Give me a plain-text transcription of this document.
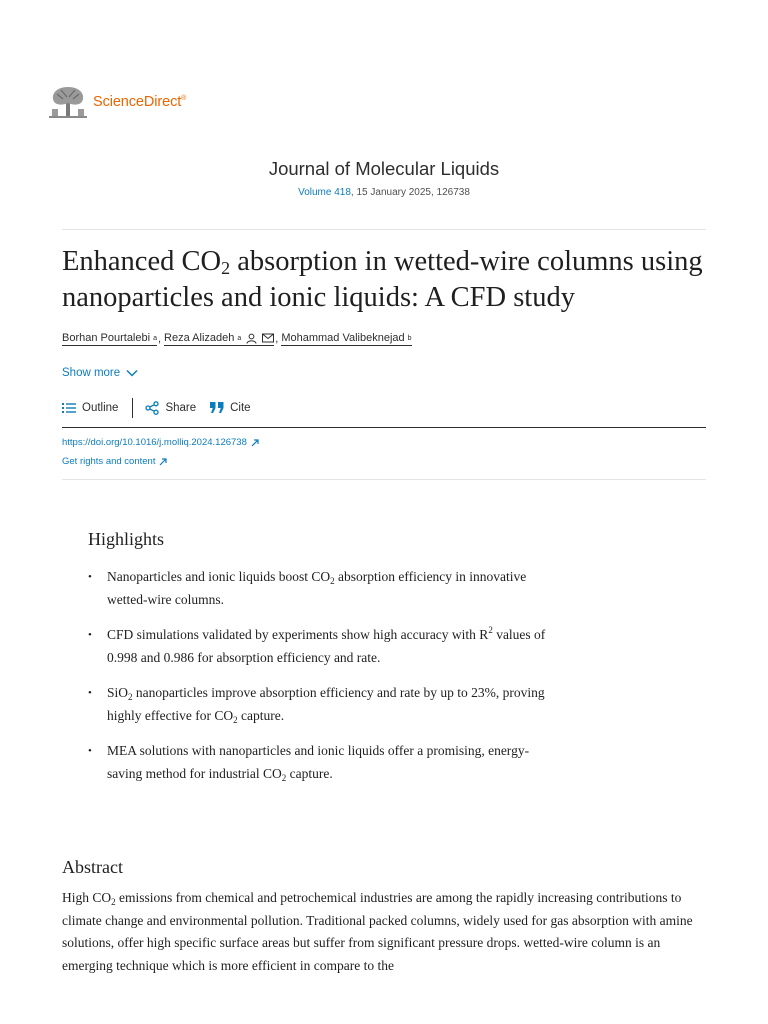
ScienceDirect®
Journal of Molecular Liquids
Volume 418, 15 January 2025, 126738
Enhanced $CO_2$ absorption in wetted-wire columns using nanoparticles and ionic liquids: A CFD study
Borhan Pourtalebi a , Reza Alizadeh a	, Mohammad Valibeknejad b
Show more
Outline	Share	Cite
https://doi.org/10.1016/j.molliq.2024.126738
Get rights and content
Highlights
• Nanoparticles and ionic liquids boost $CO_2$ absorption efficiency in innovative wetted-wire columns.
• CFD simulations validated by experiments show high accuracy with $R^2$ values of 0.998 and 0.986 for absorption efficiency and rate.
• SiO$_2$ nanoparticles improve absorption efficiency and rate by up to 23%, proving highly effective for $CO_2$ capture.
• MEA solutions with nanoparticles and ionic liquids offer a promising, energy-saving method for industrial $CO_2$ capture.
Abstract

High $CO_2$ emissions from chemical and petrochemical industries are among the rapidly increasing contributions to climate change and environmental pollution. Traditional packed columns, widely used for gas absorption with amine solutions, offer high specific surface areas but suffer from significant pressure drops. wetted-wire column is an emerging technique which is more efficient in compare to the
